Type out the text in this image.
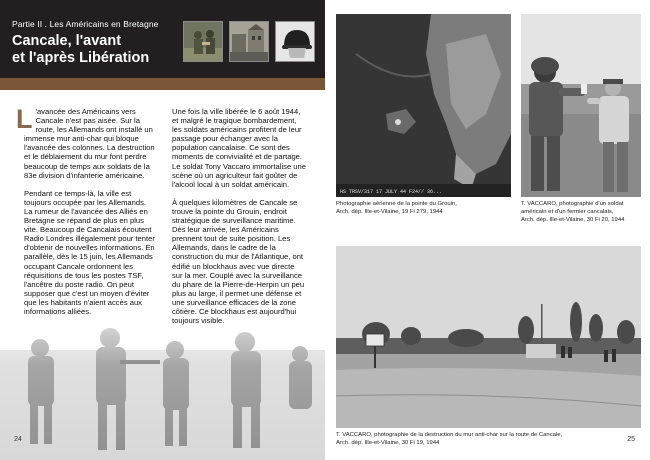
Partie II . Les Américains en Bretagne
Cancale, l'avant
et l'après Libération

L 'avancée des Américains vers Cancale n'est pas aisée. Sur la route, les Allemands ont installé un immense mur anti-char qui bloque l'avancée des colonnes. La destruction et le déblaiement du mur font perdre beaucoup de temps aux soldats de la 83e division d'infanterie américaine.

Pendant ce temps-là, la ville est toujours occupée par les Allemands. La rumeur de l'avancée des Alliés en Bretagne se répand de plus en plus vite. Beaucoup de Cancalais écoutent Radio Londres illégalement pour tenter d'obtenir de nouvelles informations. En parallèle, dès le 15 juin, les Allemands occupant Cancale ordonnent les réquisitions de tous les postes TSF, l'ancêtre du poste radio. On peut supposer que c'est un moyen d'éviter que les habitants n'aient accès aux informations alliées.

Une fois la ville libérée le 6 août 1944, et malgré le tragique bombardement, les soldats américains profitent de leur passage pour échanger avec la population cancalaise. Ce sont des moments de convivialité et de partage. Le soldat Tony Vaccaro immortalise une scène où un agriculteur fait goûter de l'alcool local à un soldat américain.

À quelques kilomètres de Cancale se trouve la pointe du Grouin, endroit stratégique de surveillance maritime. Dès leur arrivée, les Américains prennent tout de suite position. Les Allemands, dans le cadre de la construction du mur de l'Atlantique, ont édifié un blockhaus avec vue directe sur la mer. Couplé avec la surveillance du phare de la Pierre-de-Herpin un peu plus au large, il permet une défense et une surveillance efficaces de la zone côtière. Ce blockhaus est aujourd'hui toujours visible.

24
HS TRSV/317 17 JULY 44 F24// 36...
Photographie aérienne de la pointe du Grouin,
Arch. dép. Ille-et-Vilaine, 19 Fi 279, 1944
T. VACCARO, photographie d'un soldat
américain et d'un fermier cancalais,
Arch. dép. Ille-et-Vilaine, 30 Fi 20, 1944
T. VACCARO, photographie de la destruction du mur anti-char sur la route de Cancale,
Arch. dép. Ille-et-Vilaine, 30 Fi 19, 1944	25
